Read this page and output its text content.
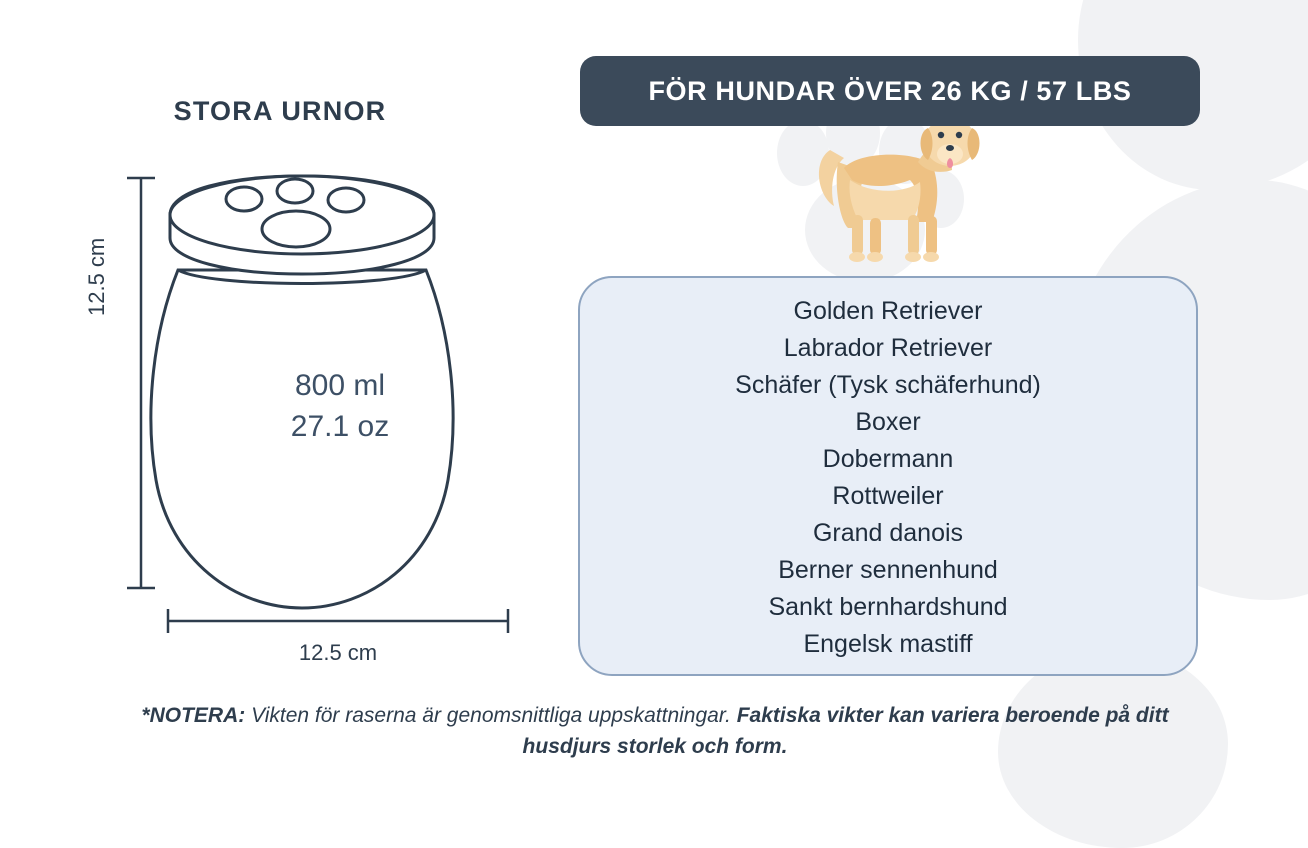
STORA URNOR
12.5 cm
12.5 cm
800 ml
27.1 oz
FÖR HUNDAR ÖVER 26 KG / 57 LBS
Golden Retriever
Labrador Retriever
Schäfer (Tysk schäferhund)
Boxer
Dobermann
Rottweiler
Grand danois
Berner sennenhund
Sankt bernhardshund
Engelsk mastiff
*NOTERA: Vikten för raserna är genomsnittliga uppskattningar. Faktiska vikter kan variera beroende på ditt husdjurs storlek och form.
